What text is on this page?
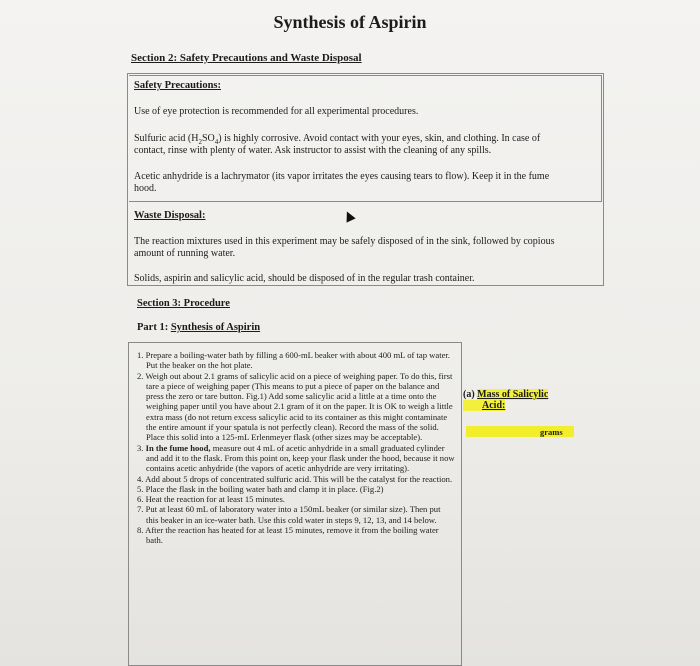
Synthesis of Aspirin
Section 2: Safety Precautions and Waste Disposal
Safety Precautions:
Use of eye protection is recommended for all experimental procedures.
Sulfuric acid $(H_2SO_4)$ is highly corrosive. Avoid contact with your eyes, skin, and clothing. In case of
contact, rinse with plenty of water. Ask instructor to assist with the cleaning of any spills.
Acetic anhydride is a lachrymator (its vapor irritates the eyes causing tears to flow). Keep it in the fume
hood.
Waste Disposal:
The reaction mixtures used in this experiment may be safely disposed of in the sink, followed by copious
amount of running water.
Solids, aspirin and salicylic acid, should be disposed of in the regular trash container.
Section 3: Procedure
Part 1: Synthesis of Aspirin

1. Prepare a boiling-water bath by filling a 600-mL beaker with about 400 mL of tap water. Put the beaker on the hot plate.

2. Weigh out about 2.1 grams of salicylic acid on a piece of weighing paper. To do this, first tare a piece of weighing paper (This means to put a piece of paper on the balance and press the zero or tare button. Fig.1) Add some salicylic acid a little at a time onto the weighing paper until you have about 2.1 gram of it on the paper. It is OK to weigh a little extra mass (do not return excess salicylic acid to its container as this might contaminate the entire amount if your spatula is not perfectly clean). Record the mass of the solid. Place this solid into a 125-mL Erlenmeyer flask (other sizes may be acceptable).

3. In the fume hood, measure out 4 mL of acetic anhydride in a small graduated cylinder and add it to the flask. From this point on, keep your flask under the hood, because it now contains acetic anhydride (the vapors of acetic anhydride are very irritating).

4. Add about 5 drops of concentrated sulfuric acid. This will be the catalyst for the reaction.

5. Place the flask in the boiling water bath and clamp it in place. (Fig.2)

6. Heat the reaction for at least 15 minutes.

7. Put at least 60 mL of laboratory water into a 150mL beaker (or similar size). Then put this beaker in an ice-water bath. Use this cold water in steps 9, 12, 13, and 14 below.

8. After the reaction has heated for at least 15 minutes, remove it from the boiling water bath.

(a) Mass of Salicylic
Acid:
grams
